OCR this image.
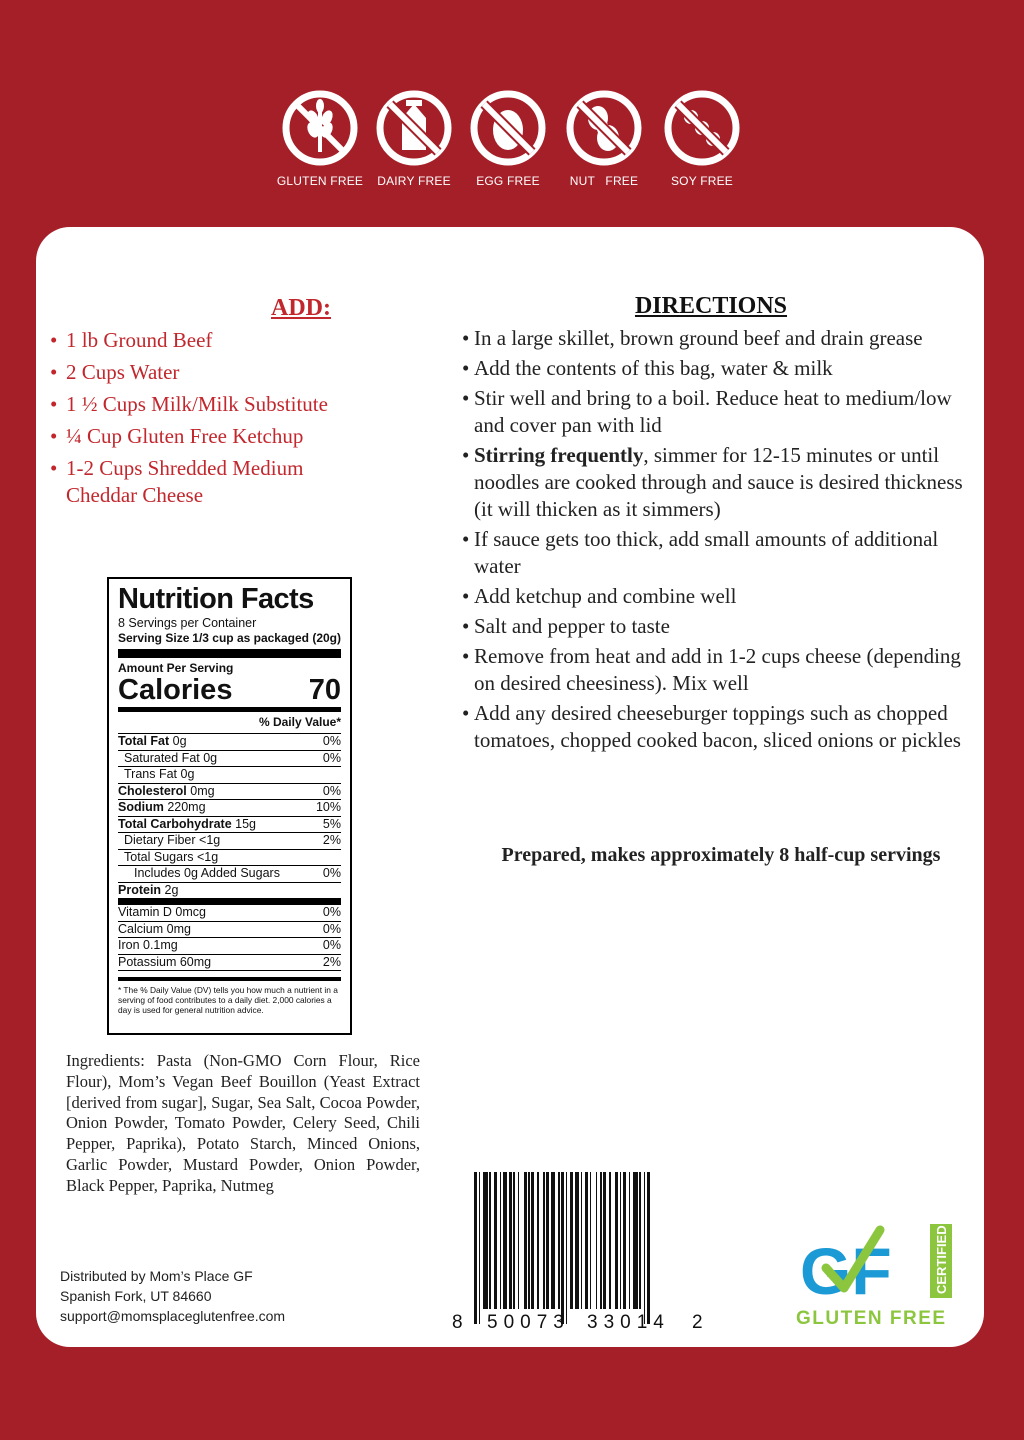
GLUTEN FREE	DAIRY FREE	EGG FREE	NUT   FREE	SOY FREE
ADD:
• 1 lb Ground Beef
• 2 Cups Water
• 1 ½ Cups Milk/Milk Substitute
• ¼ Cup Gluten Free Ketchup
• 1-2 Cups Shredded Medium Cheddar Cheese
Nutrition Facts
8 Servings per Container
Serving Size 1/3 cup as packaged (20g)
Amount Per Serving
Calories	70
% Daily Value*
Total Fat 0g	0%
Saturated Fat 0g	0%
Trans Fat 0g
Cholesterol 0mg	0%
Sodium 220mg	10%
Total Carbohydrate 15g	5%
Dietary Fiber <1g	2%
Total Sugars <1g
Includes 0g Added Sugars	0%
Protein 2g
Vitamin D 0mcg	0%
Calcium 0mg	0%
Iron 0.1mg	0%
Potassium 60mg	2%
* The % Daily Value (DV) tells you how much a nutrient in a serving of food contributes to a daily diet. 2,000 calories a day is used for general nutrition advice.
Ingredients: Pasta (Non-GMO Corn Flour, Rice Flour), Mom’s Vegan Beef Bouillon (Yeast Extract [derived from sugar], Sugar, Sea Salt, Cocoa Powder, Onion Powder, Tomato Powder, Celery Seed, Chili Pepper, Paprika), Potato Starch, Minced Onions, Garlic Powder, Mustard Powder, Onion Powder, Black Pepper, Paprika, Nutmeg
Distributed by Mom’s Place GF
Spanish Fork, UT 84660
support@momsplaceglutenfree.com
DIRECTIONS
• In a large skillet, brown ground beef and drain grease
• Add the contents of this bag, water & milk
• Stir well and bring to a boil. Reduce heat to medium/low and cover pan with lid
• Stirring frequently, simmer for 12-15 minutes or until noodles are cooked through and sauce is desired thickness (it will thicken as it simmers)
• If sauce gets too thick, add small amounts of additional water
• Add ketchup and combine well
• Salt and pepper to taste
• Remove from heat and add in 1-2 cups cheese (depending on desired cheesiness). Mix well
• Add any desired cheeseburger toppings such as chopped tomatoes, chopped cooked bacon, sliced onions or pickles
Prepared, makes approximately 8 half-cup servings
8 50073 33014 2
GF	CERTIFIED
GLUTEN FREE
